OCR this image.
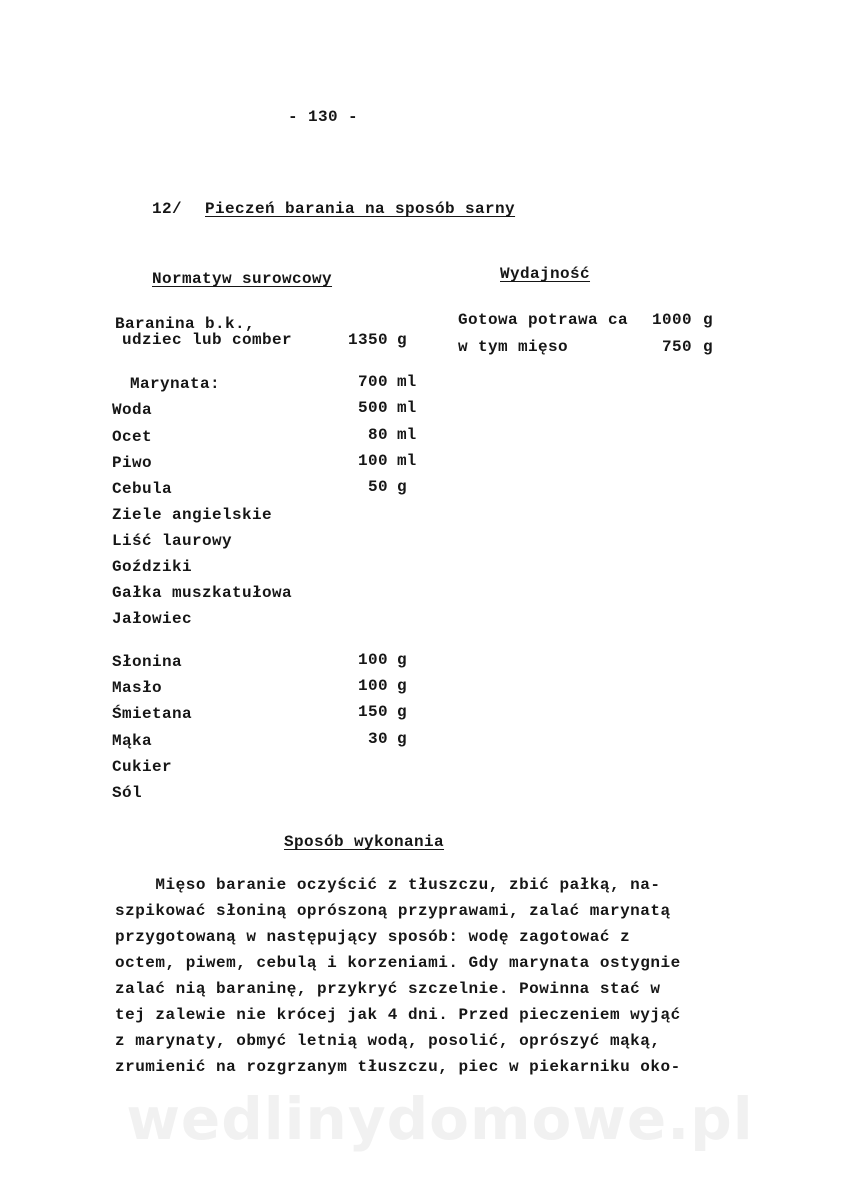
- 130 -
12/ Pieczeń barania na sposób sarny
Normatyw surowcowy	Wydajność
Baranina b.k.,
udziec lub comber	1350 g
Marynata:	700 ml
Woda	500 ml
Ocet	80 ml
Piwo	100 ml
Cebula	50 g
Ziele angielskie
Liść laurowy
Goździki
Gałka muszkatułowa
Jałowiec
Słonina	100 g
Masło	100 g
Śmietana	150 g
Mąka	30 g
Cukier
Sól
Gotowa potrawa ca	1000 g
w tym mięso	750 g
Sposób wykonania
Mięso baranie oczyścić z tłuszczu, zbić pałką, na-
szpikować słoniną oprószoną przyprawami, zalać marynatą
przygotowaną w następujący sposób: wodę zagotować z
octem, piwem, cebulą i korzeniami. Gdy marynata ostygnie
zalać nią baraninę, przykryć szczelnie. Powinna stać w
tej zalewie nie krócej jak 4 dni. Przed pieczeniem wyjąć
z marynaty, obmyć letnią wodą, posolić, oprószyć mąką,
zrumienić na rozgrzanym tłuszczu, piec w piekarniku oko-
wedlinydomowe.pl
